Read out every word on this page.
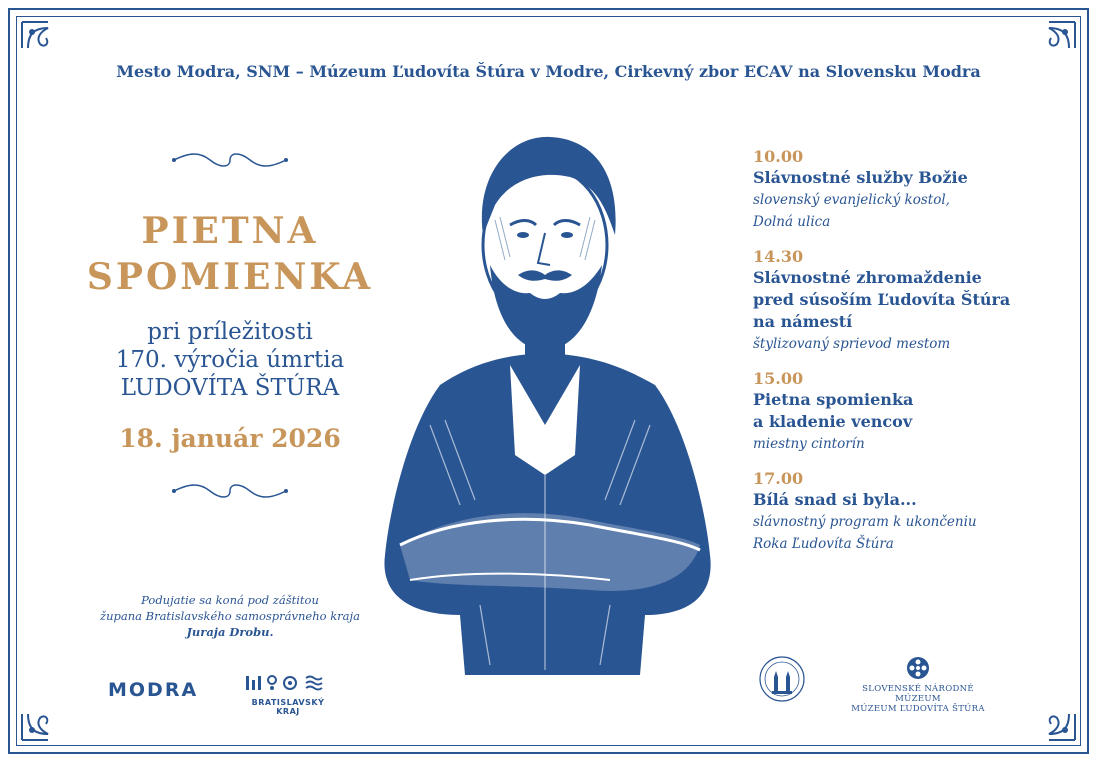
Mesto Modra, SNM – Múzeum Ľudovíta Štúra v Modre, Cirkevný zbor ECAV na Slovensku Modra
PIETNA
SPOMIENKA
pri príležitosti
170. výročia úmrtia
ĽUDOVÍTA ŠTÚRA
18. január 2026
Podujatie sa koná pod záštitou
župana Bratislavského samosprávneho kraja
Juraja Drobu.
MODRA
BRATISLAVSKÝ KRAJ
10.00
Slávnostné služby Božie
slovenský evanjelický kostol,
Dolná ulica
14.30
Slávnostné zhromaždenie
pred súsoším Ľudovíta Štúra
na námestí
štylizovaný sprievod mestom
15.00
Pietna spomienka
a kladenie vencov
miestny cintorín
17.00
Bílá snad si byla...
slávnostný program k ukončeniu
Roka Ľudovíta Štúra
SLOVENSKÉ NÁRODNÉ MÚZEUM
MÚZEUM ĽUDOVÍTA ŠTÚRA
